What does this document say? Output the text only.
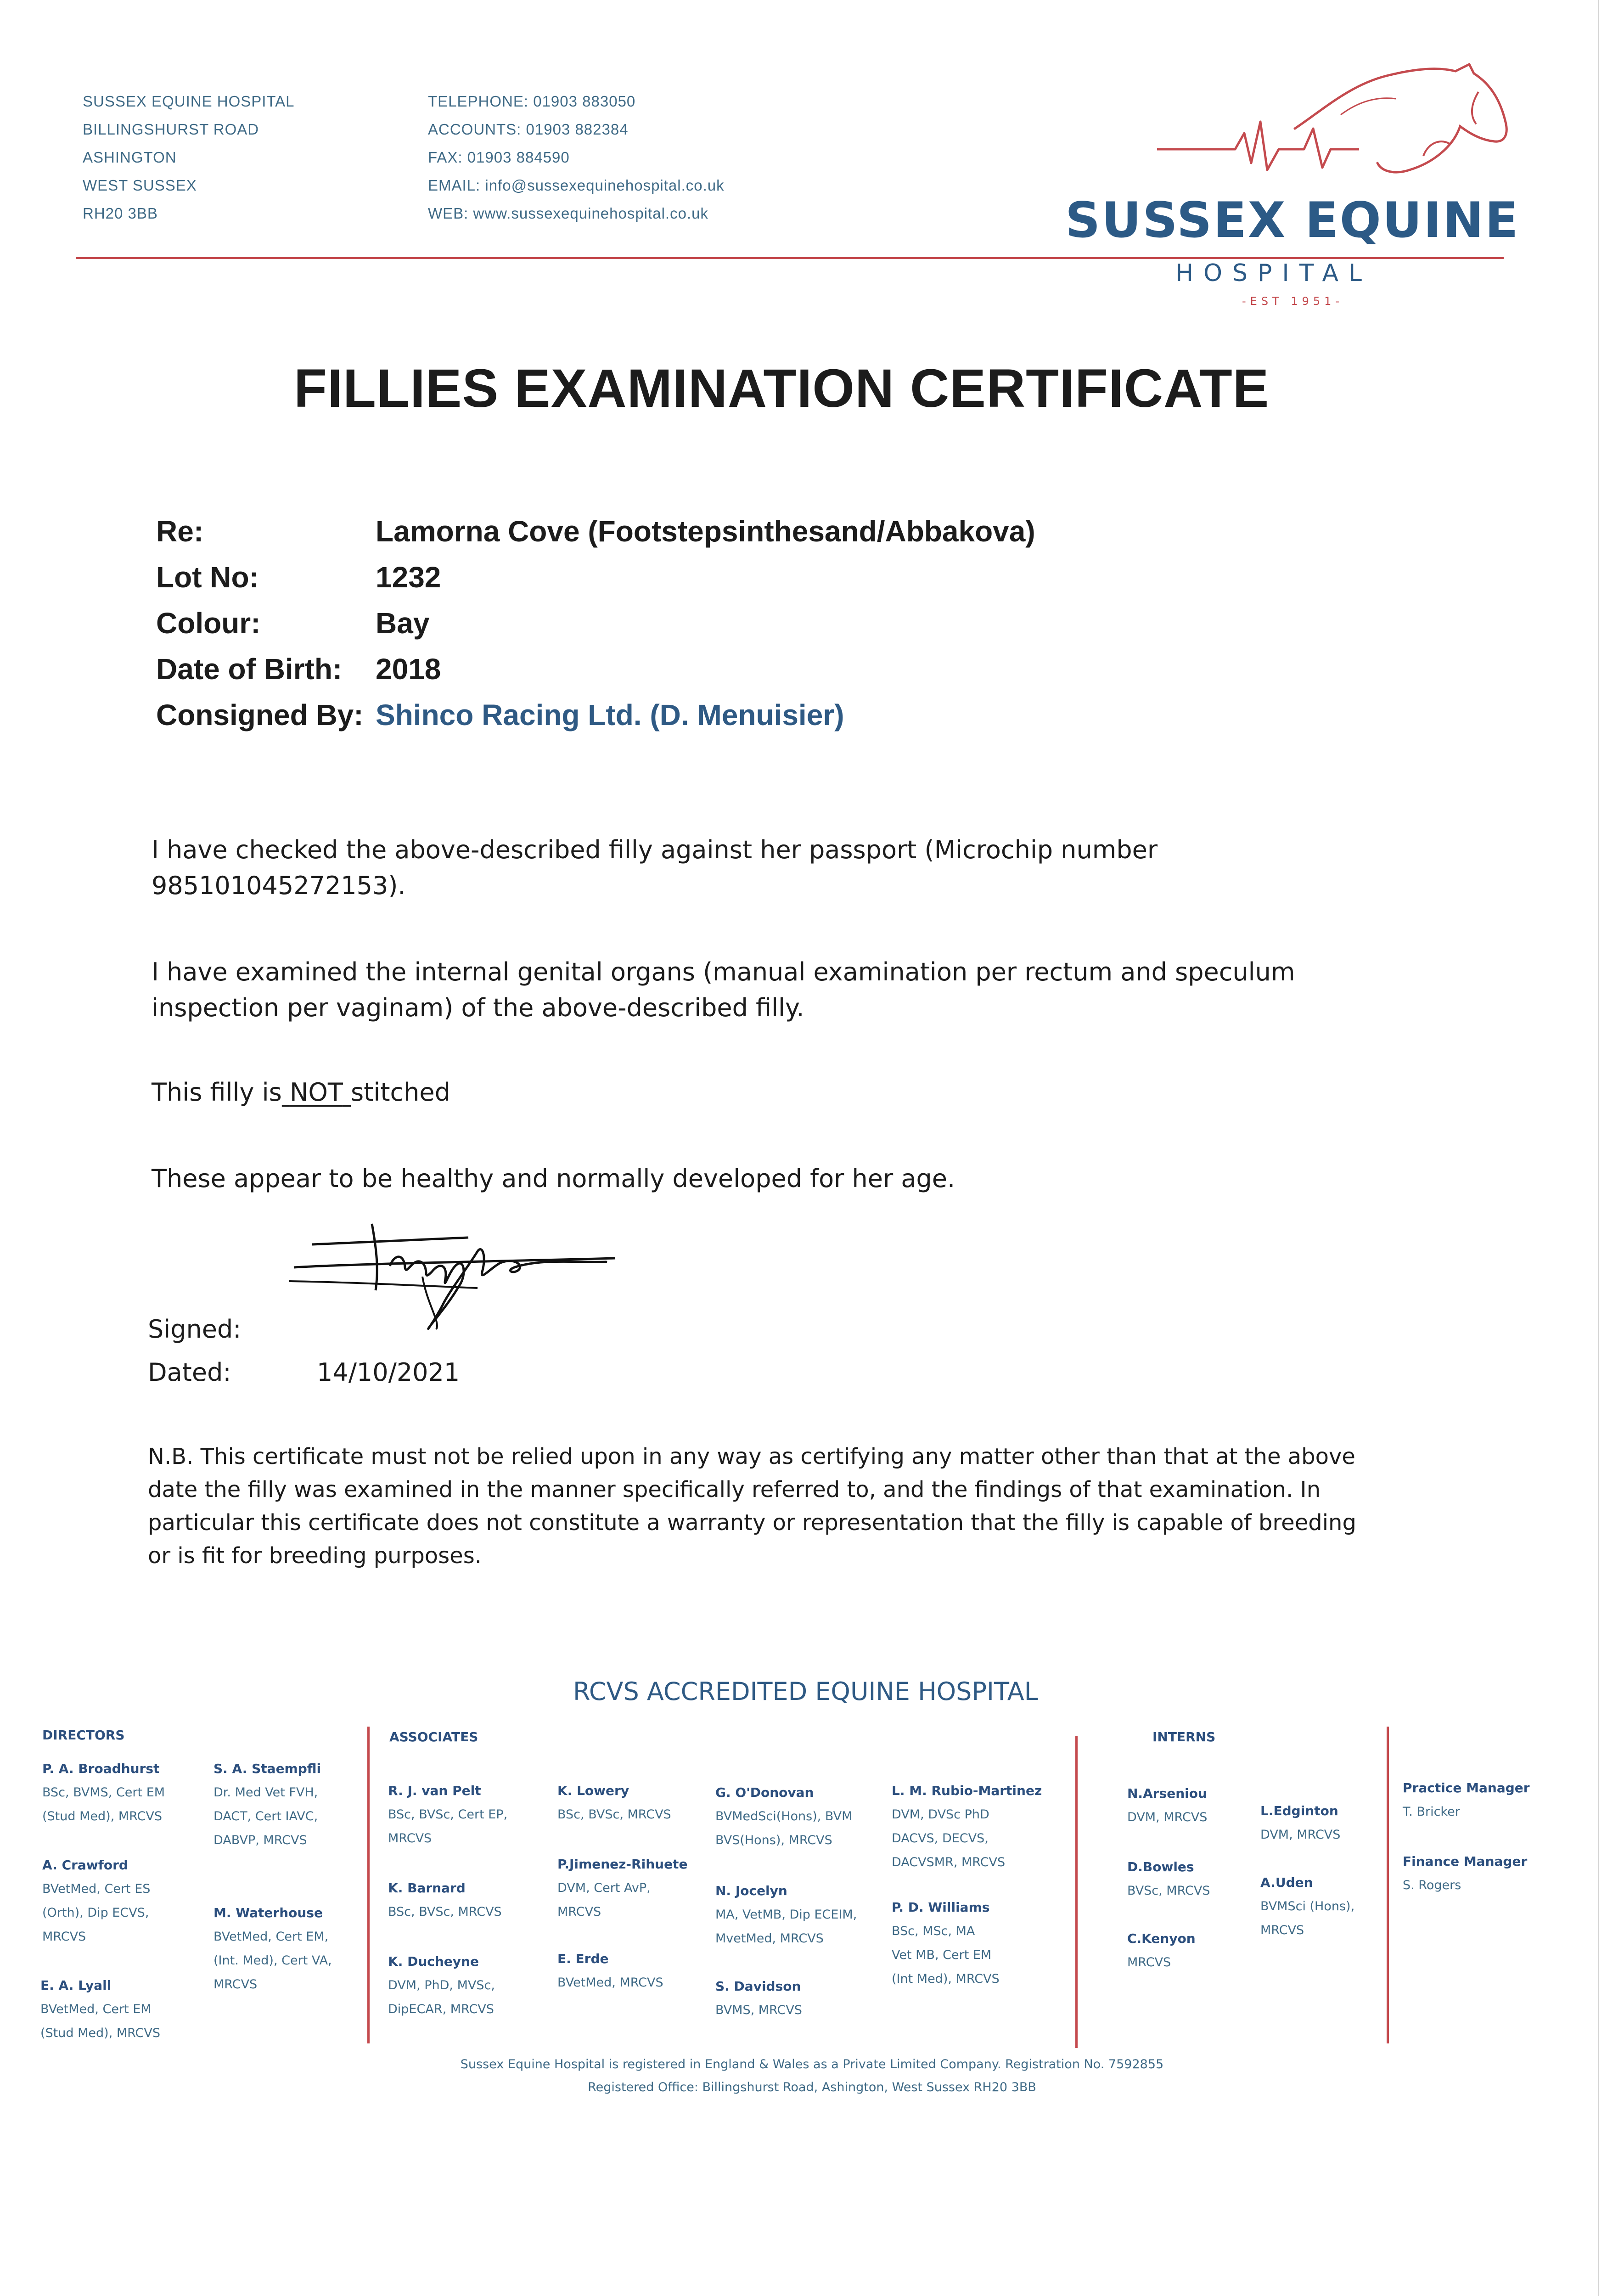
SUSSEX EQUINE HOSPITAL
BILLINGSHURST ROAD
ASHINGTON
WEST SUSSEX
RH20 3BB
TELEPHONE: 01903 883050
ACCOUNTS: 01903 882384
FAX: 01903 884590
EMAIL: info@sussexequinehospital.co.uk
WEB: www.sussexequinehospital.co.uk	SUSSEX EQUINE
HOSPITAL
-EST 1951-
FILLIES EXAMINATION CERTIFICATE
Re:	Lamorna Cove (Footstepsinthesand/Abbakova)
Lot No:	1232
Colour:	Bay
Date of Birth: 2018
Consigned By: Shinco Racing Ltd. (D. Menuisier)
I have checked the above-described filly against her passport (Microchip number
985101045272153).
I have examined the internal genital organs (manual examination per rectum and speculum
inspection per vaginam) of the above-described filly.
This filly is NOT stitched
These appear to be healthy and normally developed for her age.
Signed:
Dated:	14/10/2021
N.B. This certificate must not be relied upon in any way as certifying any matter other than that at the above
date the filly was examined in the manner specifically referred to, and the findings of that examination. In
particular this certificate does not constitute a warranty or representation that the filly is capable of breeding
or is fit for breeding purposes.
RCVS ACCREDITED EQUINE HOSPITAL
DIRECTORS	ASSOCIATES	INTERNS
P. A. Broadhurst
BSc, BVMS, Cert EM
(Stud Med), MRCVS
A. Crawford
BVetMed, Cert ES
(Orth), Dip ECVS,
MRCVS
E. A. Lyall
BVetMed, Cert EM
(Stud Med), MRCVS
S. A. Staempfli
Dr. Med Vet FVH,
DACT, Cert IAVC,
DABVP, MRCVS
M. Waterhouse
BVetMed, Cert EM,
(Int. Med), Cert VA,
MRCVS
R. J. van Pelt
BSc, BVSc, Cert EP,
MRCVS
K. Barnard
BSc, BVSc, MRCVS
K. Ducheyne
DVM, PhD, MVSc,
DipECAR, MRCVS
K. Lowery
BSc, BVSc, MRCVS
P.Jimenez-Rihuete
DVM, Cert AvP,
MRCVS
E. Erde
BVetMed, MRCVS
G. O'Donovan
BVMedSci(Hons), BVM
BVS(Hons), MRCVS
N. Jocelyn
MA, VetMB, Dip ECEIM,
MvetMed, MRCVS
S. Davidson
BVMS, MRCVS
L. M. Rubio-Martinez
DVM, DVSc PhD
DACVS, DECVS,
DACVSMR, MRCVS
P. D. Williams
BSc, MSc, MA
Vet MB, Cert EM
(Int Med), MRCVS
N.Arseniou
DVM, MRCVS
D.Bowles
BVSc, MRCVS
C.Kenyon
MRCVS
L.Edginton
DVM, MRCVS
A.Uden
BVMSci (Hons),
MRCVS
Practice Manager
T. Bricker
Finance Manager
S. Rogers
Sussex Equine Hospital is registered in England & Wales as a Private Limited Company. Registration No. 7592855
Registered Office: Billingshurst Road, Ashington, West Sussex RH20 3BB
